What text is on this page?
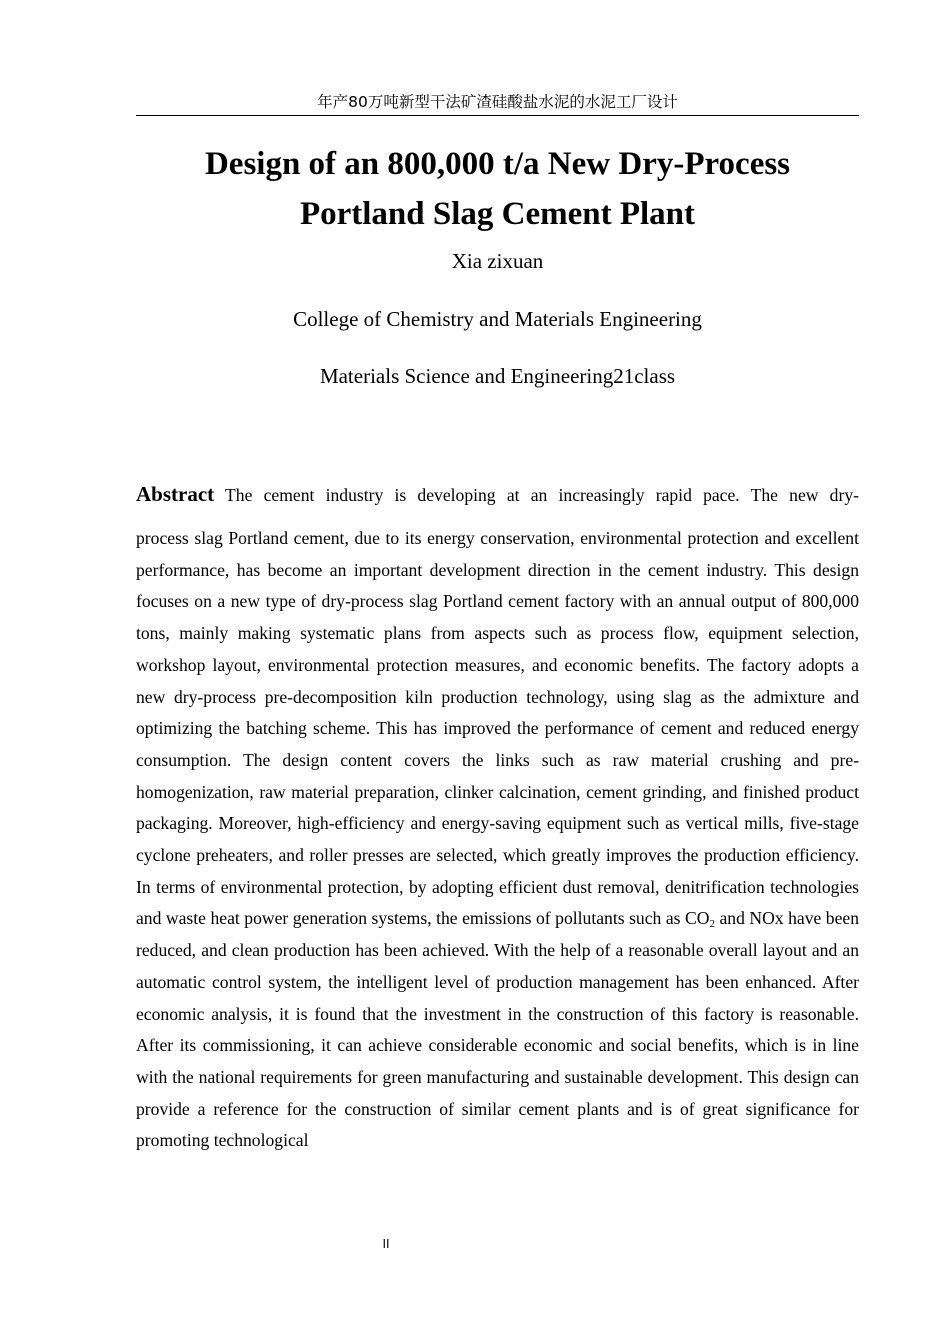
年产80万吨新型干法矿渣硅酸盐水泥的水泥工厂设计
Design of an 800,000 t/a New Dry-Process
Portland Slag Cement Plant
Xia zixuan
College of Chemistry and Materials Engineering
Materials Science and Engineering21class
Abstract The cement industry is developing at an increasingly rapid pace. The new dry-
process slag Portland cement, due to its energy conservation, environmental protection and excellent performance, has become an important development direction in the cement industry. This design focuses on a new type of dry-process slag Portland cement factory with an annual output of 800,000 tons, mainly making systematic plans from aspects such as process flow, equipment selection, workshop layout, environmental protection measures, and economic benefits. The factory adopts a new dry-process pre-decomposition kiln production technology, using slag as the admixture and optimizing the batching scheme. This has improved the performance of cement and reduced energy consumption. The design content covers the links such as raw material crushing and pre-homogenization, raw material preparation, clinker calcination, cement grinding, and finished product packaging. Moreover, high-efficiency and energy-saving equipment such as vertical mills, five-stage cyclone preheaters, and roller presses are selected, which greatly improves the production efficiency. In terms of environmental protection, by adopting efficient dust removal, denitrification technologies and waste heat power generation systems, the emissions of pollutants such as $CO_2$ and NOx have been reduced, and clean production has been achieved. With the help of a reasonable overall layout and an automatic control system, the intelligent level of production management has been enhanced. After economic analysis, it is found that the investment in the construction of this factory is reasonable. After its commissioning, it can achieve considerable economic and social benefits, which is in line with the national requirements for green manufacturing and sustainable development. This design can provide a reference for the construction of similar cement plants and is of great significance for promoting technological
II
